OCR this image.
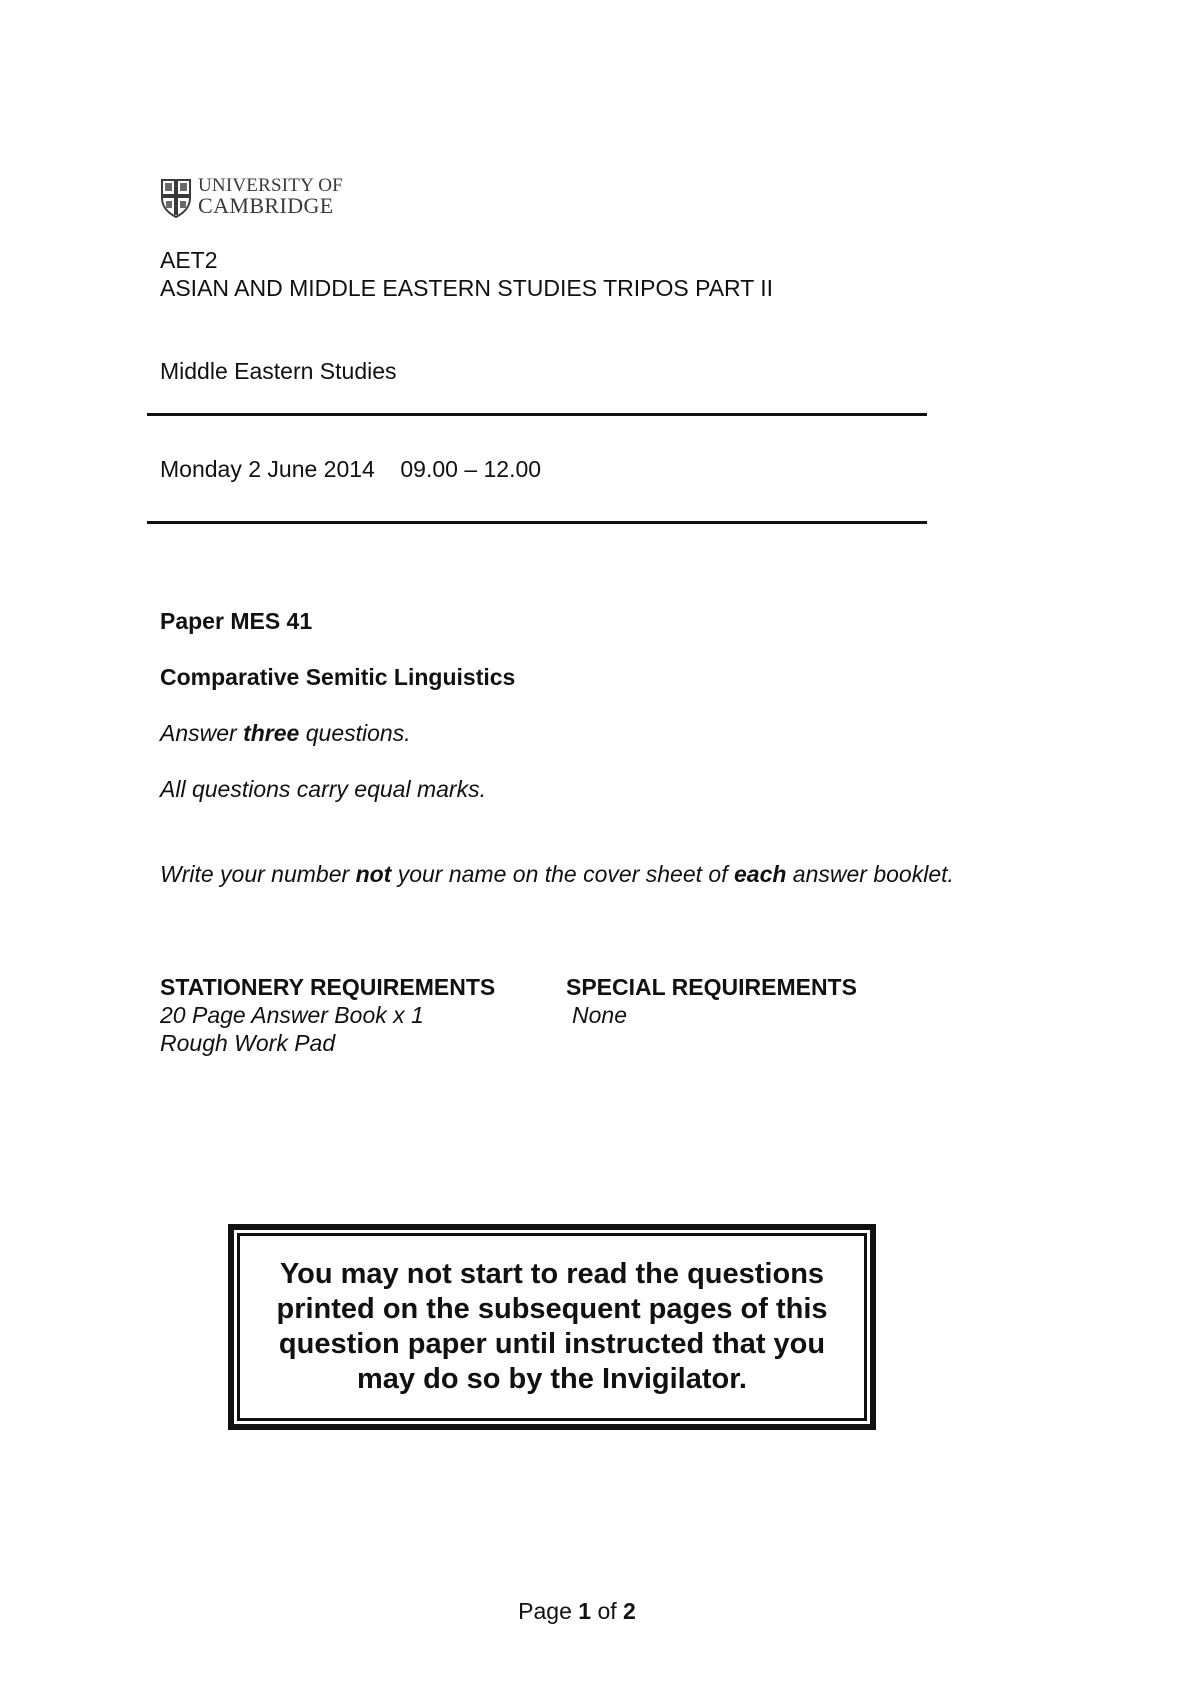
UNIVERSITY OF
CAMBRIDGE
AET2
ASIAN AND MIDDLE EASTERN STUDIES TRIPOS PART II
Middle Eastern Studies
Monday 2 June 2014    09.00 – 12.00
Paper MES 41
Comparative Semitic Linguistics
Answer three questions.
All questions carry equal marks.
Write your number not your name on the cover sheet of each answer booklet.
STATIONERY REQUIREMENTS
20 Page Answer Book x 1
Rough Work Pad
SPECIAL REQUIREMENTS
None
You may not start to read the questions printed on the subsequent pages of this question paper until instructed that you may do so by the Invigilator.
Page 1 of 2
